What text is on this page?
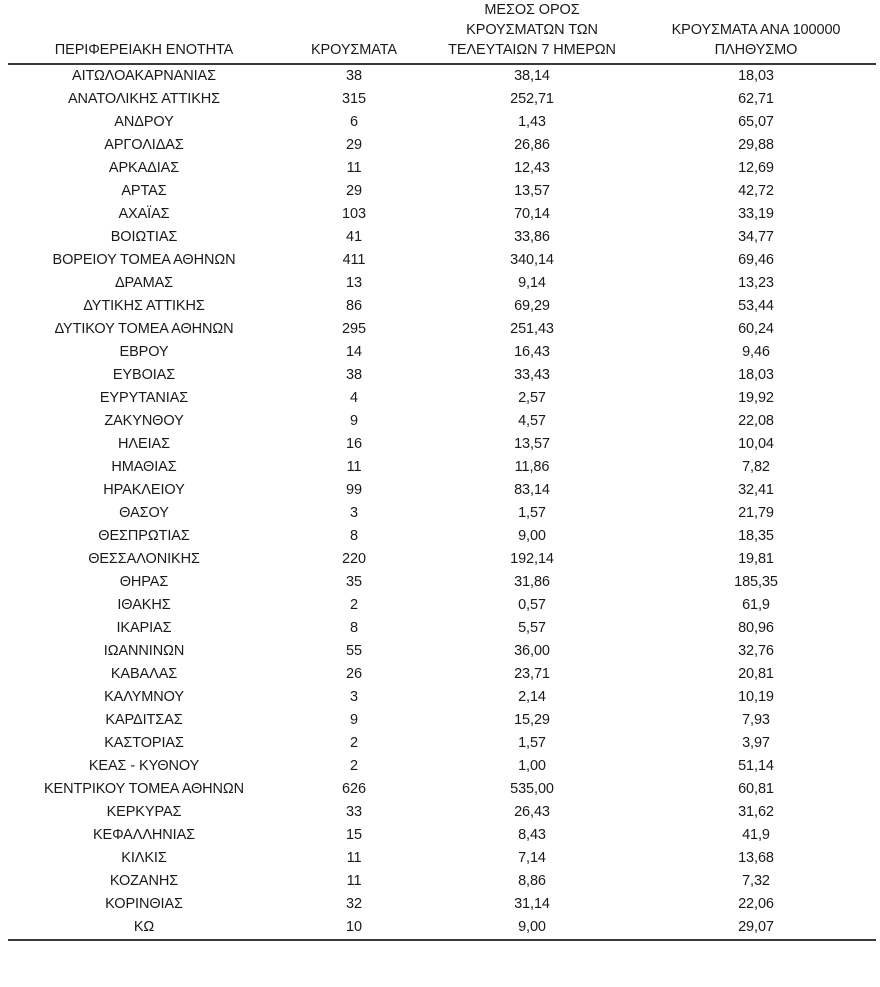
ΠΕΡΙΦΕΡΕΙΑΚΗ ΕΝΟΤΗΤΑ	ΚΡΟΥΣΜΑΤΑ	ΜΕΣΟΣ ΟΡΟΣ
ΚΡΟΥΣΜΑΤΩΝ ΤΩΝ
ΤΕΛΕΥΤΑΙΩΝ 7 ΗΜΕΡΩΝ	ΚΡΟΥΣΜΑΤΑ ΑΝΑ 100000
ΠΛΗΘΥΣΜΟ

ΑΙΤΩΛΟΑΚΑΡΝΑΝΙΑΣ	38	38,14	18,03
ΑΝΑΤΟΛΙΚΗΣ ΑΤΤΙΚΗΣ	315	252,71	62,71
ΑΝΔΡΟΥ	6	1,43	65,07
ΑΡΓΟΛΙΔΑΣ	29	26,86	29,88
ΑΡΚΑΔΙΑΣ	11	12,43	12,69
ΑΡΤΑΣ	29	13,57	42,72
ΑΧΑΪΑΣ	103	70,14	33,19
ΒΟΙΩΤΙΑΣ	41	33,86	34,77
ΒΟΡΕΙΟΥ ΤΟΜΕΑ ΑΘΗΝΩΝ	411	340,14	69,46
ΔΡΑΜΑΣ	13	9,14	13,23
ΔΥΤΙΚΗΣ ΑΤΤΙΚΗΣ	86	69,29	53,44
ΔΥΤΙΚΟΥ ΤΟΜΕΑ ΑΘΗΝΩΝ	295	251,43	60,24
ΕΒΡΟΥ	14	16,43	9,46
ΕΥΒΟΙΑΣ	38	33,43	18,03
ΕΥΡΥΤΑΝΙΑΣ	4	2,57	19,92
ΖΑΚΥΝΘΟΥ	9	4,57	22,08
ΗΛΕΙΑΣ	16	13,57	10,04
ΗΜΑΘΙΑΣ	11	11,86	7,82
ΗΡΑΚΛΕΙΟΥ	99	83,14	32,41
ΘΑΣΟΥ	3	1,57	21,79
ΘΕΣΠΡΩΤΙΑΣ	8	9,00	18,35
ΘΕΣΣΑΛΟΝΙΚΗΣ	220	192,14	19,81
ΘΗΡΑΣ	35	31,86	185,35
ΙΘΑΚΗΣ	2	0,57	61,9
ΙΚΑΡΙΑΣ	8	5,57	80,96
ΙΩΑΝΝΙΝΩΝ	55	36,00	32,76
ΚΑΒΑΛΑΣ	26	23,71	20,81
ΚΑΛΥΜΝΟΥ	3	2,14	10,19
ΚΑΡΔΙΤΣΑΣ	9	15,29	7,93
ΚΑΣΤΟΡΙΑΣ	2	1,57	3,97
ΚΕΑΣ - ΚΥΘΝΟΥ	2	1,00	51,14
ΚΕΝΤΡΙΚΟΥ ΤΟΜΕΑ ΑΘΗΝΩΝ	626	535,00	60,81
ΚΕΡΚΥΡΑΣ	33	26,43	31,62
ΚΕΦΑΛΛΗΝΙΑΣ	15	8,43	41,9
ΚΙΛΚΙΣ	11	7,14	13,68
ΚΟΖΑΝΗΣ	11	8,86	7,32
ΚΟΡΙΝΘΙΑΣ	32	31,14	22,06
ΚΩ	10	9,00	29,07
